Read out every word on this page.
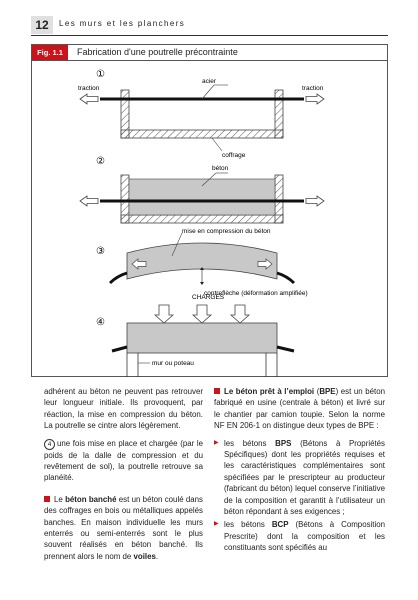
12	Les murs et les planchers
Fig. 1.1	Fabrication d'une poutrelle précontrainte
①
traction	traction
acier
coffrage
②
béton
③
mise en compression du béton
contreflèche (déformation amplifiée)
④
CHARGES
mur ou poteau

adhérent au béton ne peuvent pas retrouver leur longueur initiale. Ils provoquent, par réaction, la mise en compression du béton. La poutrelle se cintre alors légèrement.

4 une fois mise en place et chargée (par le poids de la dalle de compression et du revêtement de sol), la poutrelle retrouve sa planéité.

Le béton banché est un béton coulé dans des coffrages en bois ou métalliques appelés banches. En maison individuelle les murs enterrés ou semi-enterrés sont le plus souvent réalisés en béton banché. Ils prennent alors le nom de voiles.

Le béton prêt à l’emploi (BPE) est un béton fabriqué en usine (centrale à béton) et livré sur le chantier par camion toupie. Selon la norme NF EN 206-1 on distingue deux types de BPE :

▶ les bétons BPS (Bétons à Propriétés Spécifiques) dont les propriétés requises et les caractéristiques complémentaires sont spécifiées par le prescripteur au producteur (fabricant du béton) lequel conserve l’initiative de la composition et garantit à l’utilisateur un béton répondant à ses exigences ;
▶ les bétons BCP (Bétons à Composition Prescrite) dont la composition et les constituants sont spécifiés au
